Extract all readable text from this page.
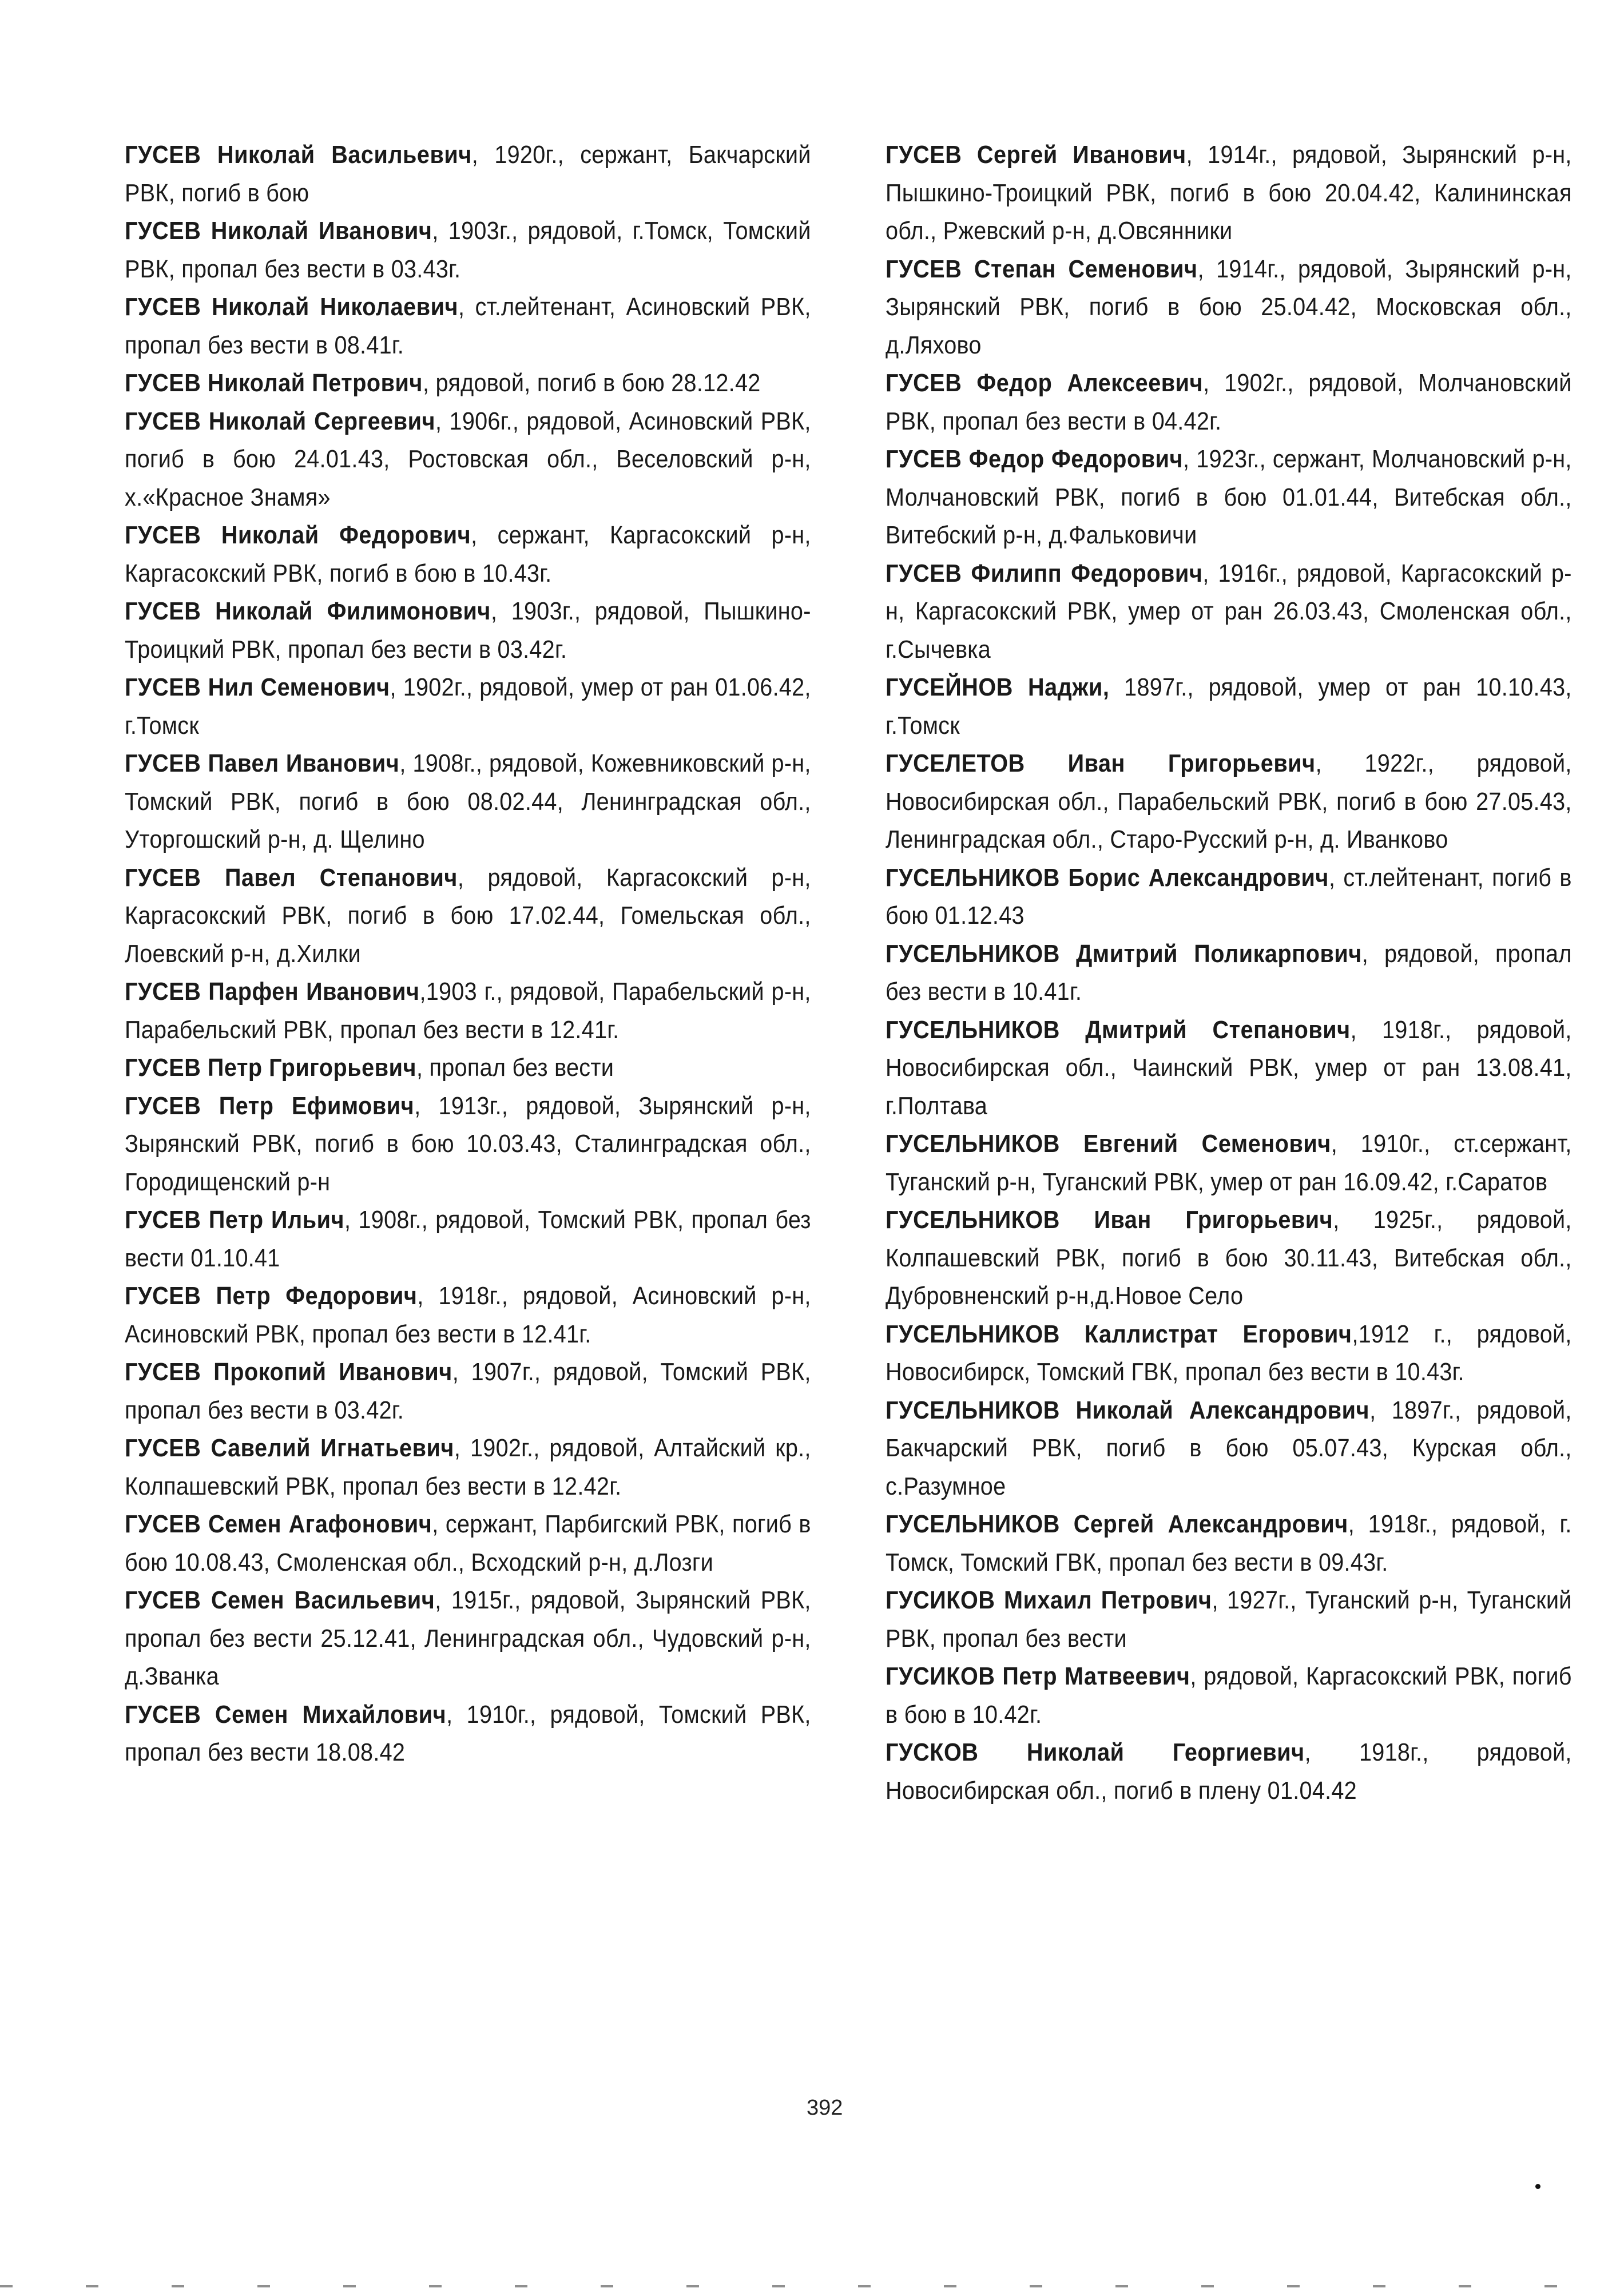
ГУСЕВ Николай Васильевич, 1920г., сержант, Бакчарский РВК, погиб в бою

ГУСЕВ Николай Иванович, 1903г., рядовой, г.Томск, Томский РВК, пропал без вести в 03.43г.

ГУСЕВ Николай Николаевич, ст.лейтенант, Асиновский РВК, пропал без вести в 08.41г.

ГУСЕВ Николай Петрович, рядовой, погиб в бою 28.12.42

ГУСЕВ Николай Сергеевич, 1906г., рядовой, Асиновский РВК, погиб в бою 24.01.43, Ростовская обл., Веселовский р-н, х.«Красное Знамя»

ГУСЕВ Николай Федорович, сержант, Каргасокский р-н, Каргасокский РВК, погиб в бою в 10.43г.

ГУСЕВ Николай Филимонович, 1903г., рядовой, Пышкино-Троицкий РВК, пропал без вести в 03.42г.

ГУСЕВ Нил Семенович, 1902г., рядовой, умер от ран 01.06.42, г.Томск

ГУСЕВ Павел Иванович, 1908г., рядовой, Кожевниковский р-н, Томский РВК, погиб в бою 08.02.44, Ленинградская обл., Уторгошский р-н, д. Щелино

ГУСЕВ Павел Степанович, рядовой, Каргасокский р-н, Каргасокский РВК, погиб в бою 17.02.44, Гомельская обл., Лоевский р-н, д.Хилки

ГУСЕВ Парфен Иванович,1903 г., рядовой, Парабельский р-н, Парабельский РВК, пропал без вести в 12.41г.

ГУСЕВ Петр Григорьевич, пропал без вести

ГУСЕВ Петр Ефимович, 1913г., рядовой, Зырянский р-н, Зырянский РВК, погиб в бою 10.03.43, Сталинградская обл., Городищенский р-н

ГУСЕВ Петр Ильич, 1908г., рядовой, Томский РВК, пропал без вести 01.10.41

ГУСЕВ Петр Федорович, 1918г., рядовой, Асиновский р-н, Асиновский РВК, пропал без вести в 12.41г.

ГУСЕВ Прокопий Иванович, 1907г., рядовой, Томский РВК, пропал без вести в 03.42г.

ГУСЕВ Савелий Игнатьевич, 1902г., рядовой, Алтайский кр., Колпашевский РВК, пропал без вести в 12.42г.

ГУСЕВ Семен Агафонович, сержант, Парбигский РВК, погиб в бою 10.08.43, Смоленская обл., Всходский р-н, д.Лозги

ГУСЕВ Семен Васильевич, 1915г., рядовой, Зырянский РВК, пропал без вести 25.12.41, Ленинградская обл., Чудовский р-н, д.Званка

ГУСЕВ Семен Михайлович, 1910г., рядовой, Томский РВК, пропал без вести 18.08.42

ГУСЕВ Сергей Иванович, 1914г., рядовой, Зырянский р-н, Пышкино-Троицкий РВК, погиб в бою 20.04.42, Калининская обл., Ржевский р-н, д.Овсянники

ГУСЕВ Степан Семенович, 1914г., рядовой, Зырянский р-н, Зырянский РВК, погиб в бою 25.04.42, Московская обл., д.Ляхово

ГУСЕВ Федор Алексеевич, 1902г., рядовой, Молчановский РВК, пропал без вести в 04.42г.

ГУСЕВ Федор Федорович, 1923г., сержант, Молчановский р-н, Молчановский РВК, погиб в бою 01.01.44, Витебская обл., Витебский р-н, д.Фальковичи

ГУСЕВ Филипп Федорович, 1916г., рядовой, Каргасокский р-н, Каргасокский РВК, умер от ран 26.03.43, Смоленская обл., г.Сычевка

ГУСЕЙНОВ Наджи, 1897г., рядовой, умер от ран 10.10.43, г.Томск

ГУСЕЛЕТОВ Иван Григорьевич, 1922г., рядовой, Новосибирская обл., Парабельский РВК, погиб в бою 27.05.43, Ленинградская обл., Старо-Русский р-н, д. Иванково

ГУСЕЛЬНИКОВ Борис Александрович, ст.лейтенант, погиб в бою 01.12.43

ГУСЕЛЬНИКОВ Дмитрий Поликарпович, рядовой, пропал без вести в 10.41г.

ГУСЕЛЬНИКОВ Дмитрий Степанович, 1918г., рядовой, Новосибирская обл., Чаинский РВК, умер от ран 13.08.41, г.Полтава

ГУСЕЛЬНИКОВ Евгений Семенович, 1910г., ст.сержант, Туганский р-н, Туганский РВК, умер от ран 16.09.42, г.Саратов

ГУСЕЛЬНИКОВ Иван Григорьевич, 1925г., рядовой, Колпашевский РВК, погиб в бою 30.11.43, Витебская обл., Дубровненский р-н,д.Новое Село

ГУСЕЛЬНИКОВ Каллистрат Егорович,1912 г., рядовой, Новосибирск, Томский ГВК, пропал без вести в 10.43г.

ГУСЕЛЬНИКОВ Николай Александрович, 1897г., рядовой, Бакчарский РВК, погиб в бою 05.07.43, Курская обл., с.Разумное

ГУСЕЛЬНИКОВ Сергей Александрович, 1918г., рядовой, г. Томск, Томский ГВК, пропал без вести в 09.43г.

ГУСИКОВ Михаил Петрович, 1927г., Туганский р-н, Туганский РВК, пропал без вести

ГУСИКОВ Петр Матвеевич, рядовой, Каргасокский РВК, погиб в бою в 10.42г.

ГУСКОВ Николай Георгиевич, 1918г., рядовой, Новосибирская обл., погиб в плену 01.04.42

392
